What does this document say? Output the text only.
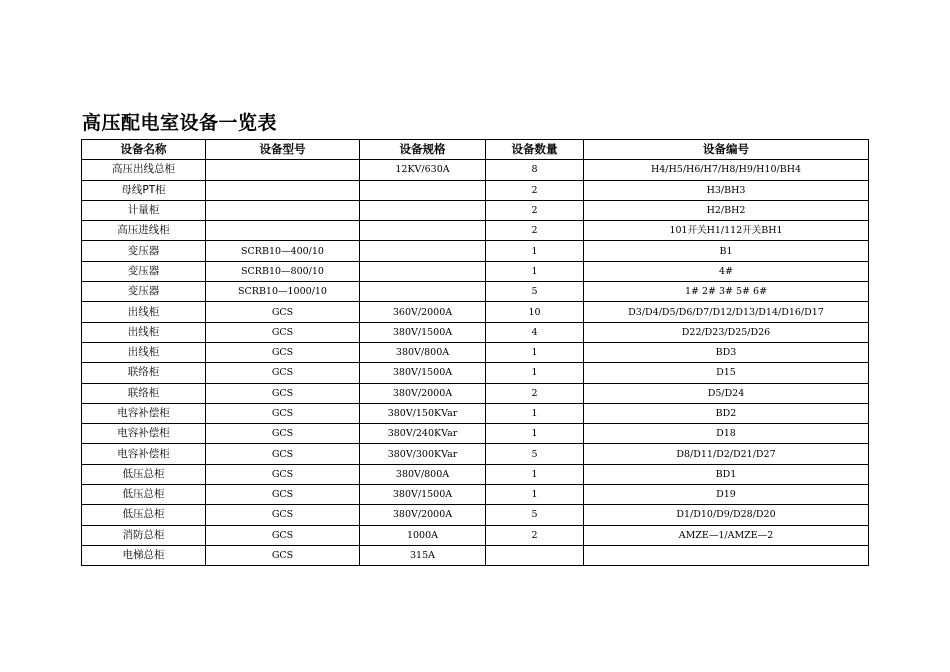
高压配电室设备一览表
设备名称	设备型号	设备规格	设备数量	设备编号
高压出线总柜		12KV/630A	8	H4/H5/H6/H7/H8/H9/H10/BH4
母线PT柜			2	H3/BH3
计量柜			2	H2/BH2
高压进线柜			2	101开关H1/112开关BH1
变压器	SCRB10—400/10		1	B1
变压器	SCRB10—800/10		1	4#
变压器	SCRB10—1000/10		5	1# 2# 3# 5# 6#
出线柜	GCS	360V/2000A	10	D3/D4/D5/D6/D7/D12/D13/D14/D16/D17
出线柜	GCS	380V/1500A	4	D22/D23/D25/D26
出线柜	GCS	380V/800A	1	BD3
联络柜	GCS	380V/1500A	1	D15
联络柜	GCS	380V/2000A	2	D5/D24
电容补偿柜	GCS	380V/150KVar	1	BD2
电容补偿柜	GCS	380V/240KVar	1	D18
电容补偿柜	GCS	380V/300KVar	5	D8/D11/D2/D21/D27
低压总柜	GCS	380V/800A	1	BD1
低压总柜	GCS	380V/1500A	1	D19
低压总柜	GCS	380V/2000A	5	D1/D10/D9/D28/D20
消防总柜	GCS	1000A	2	AMZE—1/AMZE—2
电梯总柜	GCS	315A		
